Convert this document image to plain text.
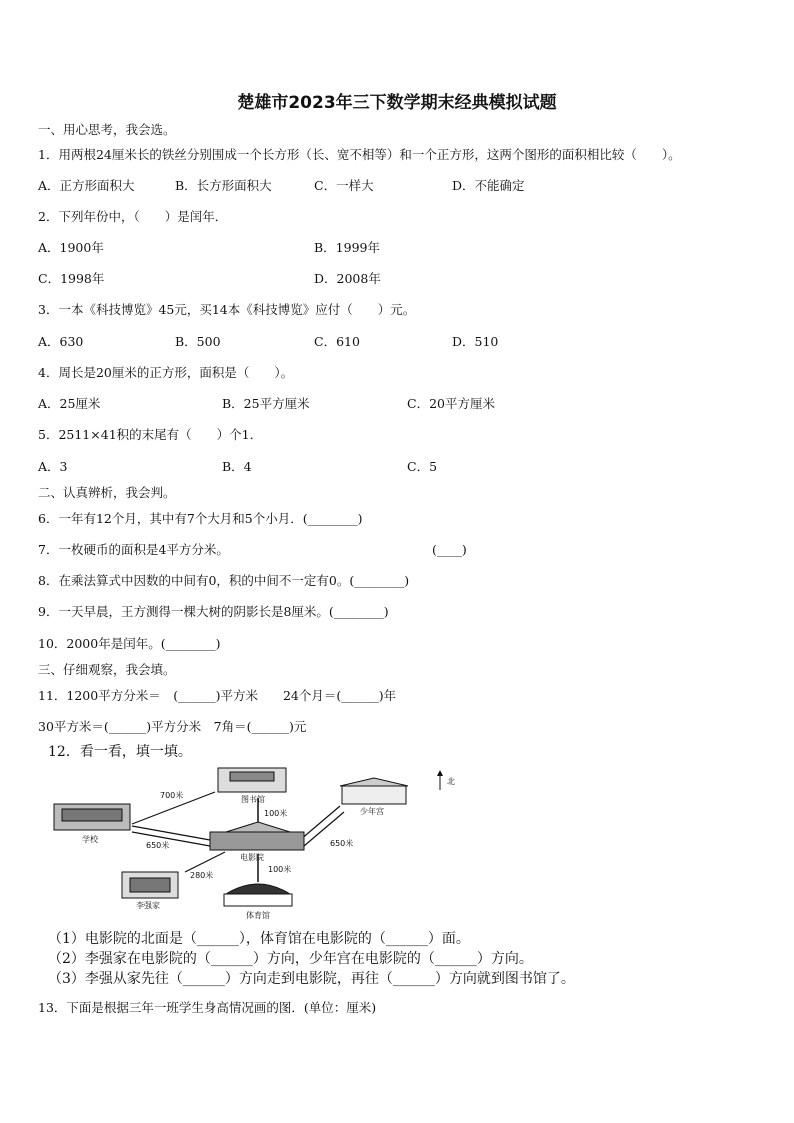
楚雄市2023年三下数学期末经典模拟试题
一、用心思考，我会选。
1．用两根24厘米长的铁丝分别围成一个长方形（长、宽不相等）和一个正方形，这两个图形的面积相比较（　　）。
A．正方形面积大	B．长方形面积大	C．一样大	D．不能确定
2．下列年份中，（　　）是闰年．
A．1900年	B．1999年
C．1998年	D．2008年
3．一本《科技博览》45元，买14本《科技博览》应付（　　）元。
A．630	B．500	C．610	D．510
4．周长是20厘米的正方形，面积是（　　）。
A．25厘米	B．25平方厘米	C．20平方厘米
5．2511×41积的末尾有（　　）个1．
A．3	B．4	C．5
二、认真辨析，我会判。
6．一年有12个月，其中有7个大月和5个小月．(________)
7．一枚硬币的面积是4平方分米。	(____)
8．在乘法算式中因数的中间有0，积的中间不一定有0。(________)
9．一天早晨，王方测得一棵大树的阴影长是8厘米。(________)
10．2000年是闰年。(________)
三、仔细观察，我会填。
11．1200平方分米＝　(______)平方米　　24个月＝(______)年
30平方米＝(______)平方分米　7角＝(______)元
12．看一看，填一填。
图书馆
学校
少年宫
电影院
李强家
体育馆
700米
100米
650米	650米
280米
100米
北
（1）电影院的北面是（______），体育馆在电影院的（______）面。
（2）李强家在电影院的（______）方向，少年宫在电影院的（______）方向。
（3）李强从家先往（______）方向走到电影院，再往（______）方向就到图书馆了。
13．下面是根据三年一班学生身高情况画的图．(单位：厘米)
